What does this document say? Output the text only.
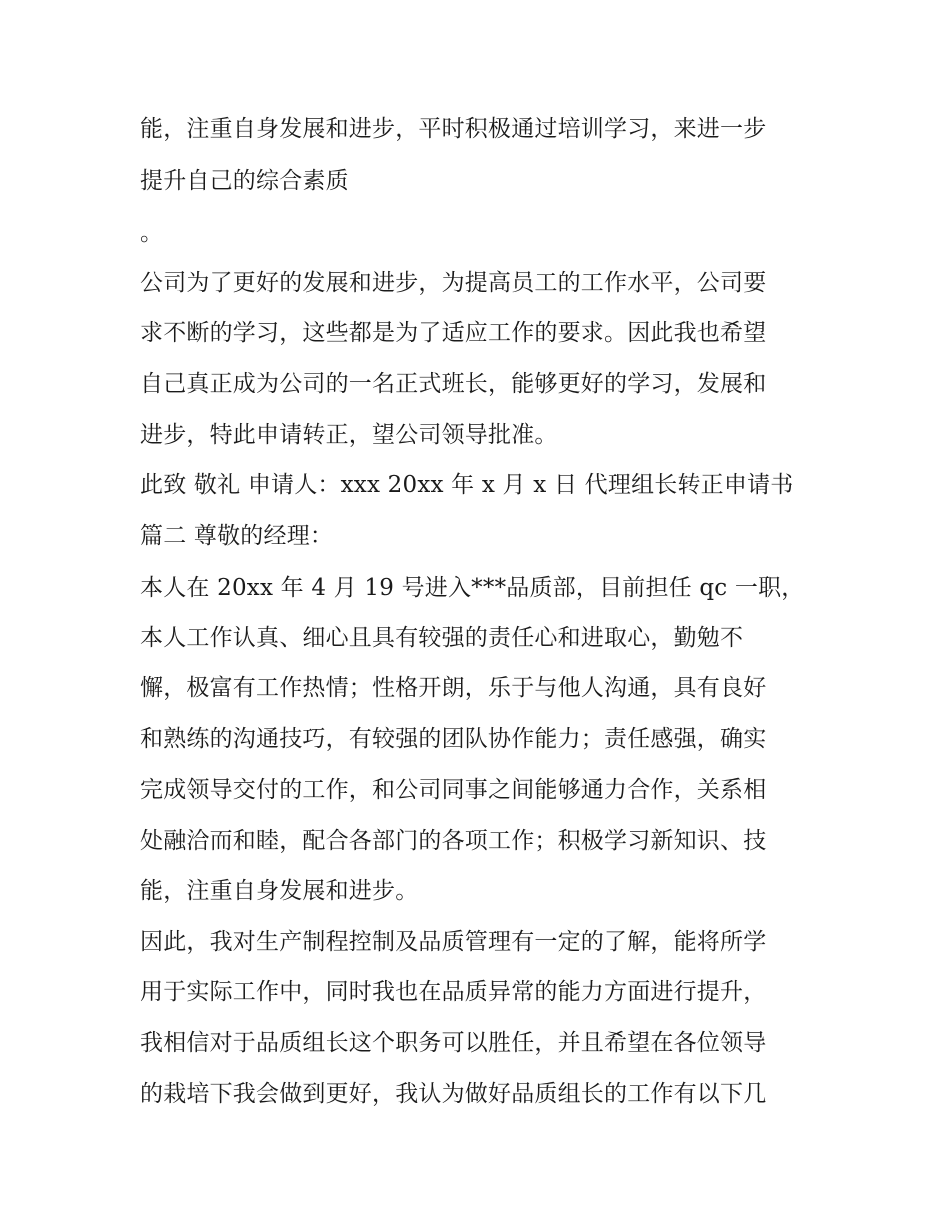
能，注重自身发展和进步，平时积极通过培训学习，来进一步
提升自己的综合素质
。
公司为了更好的发展和进步，为提高员工的工作水平，公司要
求不断的学习，这些都是为了适应工作的要求。因此我也希望
自己真正成为公司的一名正式班长，能够更好的学习，发展和
进步，特此申请转正，望公司领导批准。
此致 敬礼 申请人：xxx 20xx 年 x 月 x 日 代理组长转正申请书
篇二 尊敬的经理：
本人在 20xx 年 4 月 19 号进入***品质部，目前担任 qc 一职，
本人工作认真、细心且具有较强的责任心和进取心，勤勉不
懈，极富有工作热情；性格开朗，乐于与他人沟通，具有良好
和熟练的沟通技巧，有较强的团队协作能力；责任感强，确实
完成领导交付的工作，和公司同事之间能够通力合作，关系相
处融洽而和睦，配合各部门的各项工作；积极学习新知识、技
能，注重自身发展和进步。
因此，我对生产制程控制及品质管理有一定的了解，能将所学
用于实际工作中，同时我也在品质异常的能力方面进行提升，
我相信对于品质组长这个职务可以胜任，并且希望在各位领导
的栽培下我会做到更好，我认为做好品质组长的工作有以下几
